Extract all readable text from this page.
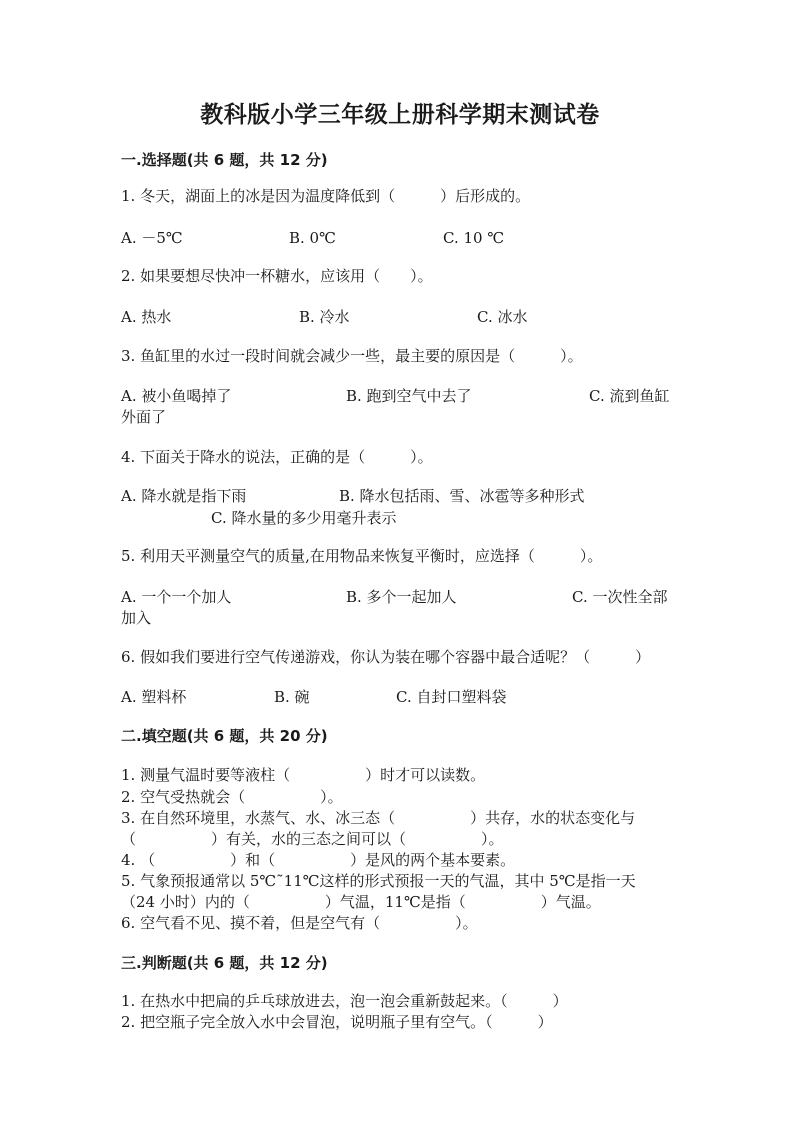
教科版小学三年级上册科学期末测试卷
一.选择题(共 6 题，共 12 分)
1. 冬天，湖面上的冰是因为温度降低到（　　　）后形成的。
A. －5℃	B. 0℃	C. 10 ℃
2. 如果要想尽快冲一杯糖水，应该用（　　）。
A. 热水	B. 冷水	C. 冰水
3. 鱼缸里的水过一段时间就会减少一些，最主要的原因是（　　　）。
A. 被小鱼喝掉了	B. 跑到空气中去了	C. 流到鱼缸
外面了
4. 下面关于降水的说法，正确的是（　　　）。
A. 降水就是指下雨	B. 降水包括雨、雪、冰雹等多种形式
C. 降水量的多少用毫升表示
5. 利用天平测量空气的质量,在用物品来恢复平衡时，应选择（　　　）。
A. 一个一个加人	B. 多个一起加人	C. 一次性全部
加入
6. 假如我们要进行空气传递游戏，你认为装在哪个容器中最合适呢？（　　　）
A. 塑料杯	B. 碗	C. 自封口塑料袋
二.填空题(共 6 题，共 20 分)
1. 测量气温时要等液柱（　　　　　）时才可以读数。
2. 空气受热就会（　　　　　）。
3. 在自然环境里，水蒸气、水、冰三态（　　　　　）共存，水的状态变化与
（　　　　　）有关，水的三态之间可以（　　　　　）。
4. （　　　　　）和（　　　　　）是风的两个基本要素。
5. 气象预报通常以 5℃˜11℃这样的形式预报一天的气温，其中 5℃是指一天
（24 小时）内的（　　　　　）气温，11℃是指（　　　　　）气温。
6. 空气看不见、摸不着，但是空气有（　　　　　）。
三.判断题(共 6 题，共 12 分)
1. 在热水中把扁的乒乓球放进去，泡一泡会重新鼓起来。（　　　）
2. 把空瓶子完全放入水中会冒泡，说明瓶子里有空气。（　　　）
